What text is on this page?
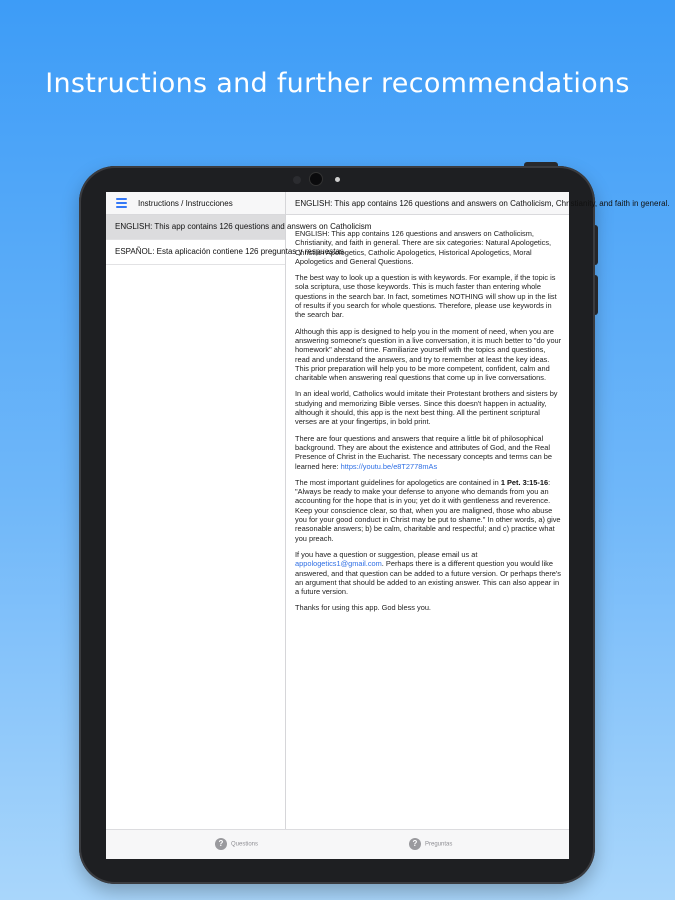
Instructions and further recommendations
Instructions / Instrucciones	ENGLISH: This app contains 126 questions and answers on Catholicism, Christianity, and faith in general.
ENGLISH: This app contains 126 questions and answers on Catholicism
ESPAÑOL: Esta aplicación contiene 126 preguntas y respuestas

ENGLISH: This app contains 126 questions and answers on Catholicism, Christianity, and faith in general. There are six categories: Natural Apologetics, Christian Apologetics, Catholic Apologetics, Historical Apologetics, Moral Apologetics and General Questions.

The best way to look up a question is with keywords. For example, if the topic is sola scriptura, use those keywords. This is much faster than entering whole questions in the search bar. In fact, sometimes NOTHING will show up in the list of results if you search for whole questions. Therefore, please use keywords in the search bar.

Although this app is designed to help you in the moment of need, when you are answering someone's question in a live conversation, it is much better to "do your homework" ahead of time. Familiarize yourself with the topics and questions, read and understand the answers, and try to remember at least the key ideas. This prior preparation will help you to be more competent, confident, calm and charitable when answering real questions that come up in live conversations.

In an ideal world, Catholics would imitate their Protestant brothers and sisters by studying and memorizing Bible verses. Since this doesn't happen in actuality, although it should, this app is the next best thing. All the pertinent scriptural verses are at your fingertips, in bold print.

There are four questions and answers that require a little bit of philosophical background. They are about the existence and attributes of God, and the Real Presence of Christ in the Eucharist. The necessary concepts and terms can be learned here: https://youtu.be/e8T2778mAs

The most important guidelines for apologetics are contained in 1 Pet. 3:15-16: "Always be ready to make your defense to anyone who demands from you an accounting for the hope that is in you; yet do it with gentleness and reverence. Keep your conscience clear, so that, when you are maligned, those who abuse you for your good conduct in Christ may be put to shame." In other words, a) give reasonable answers; b) be calm, charitable and respectful; and c) practice what you preach.

If you have a question or suggestion, please email us at appologetics1@gmail.com. Perhaps there is a different question you would like answered, and that question can be added to a future version. Or perhaps there's an argument that should be added to an existing answer. This can also appear in a future version.

Thanks for using this app. God bless you.

? Questions	? Preguntas
